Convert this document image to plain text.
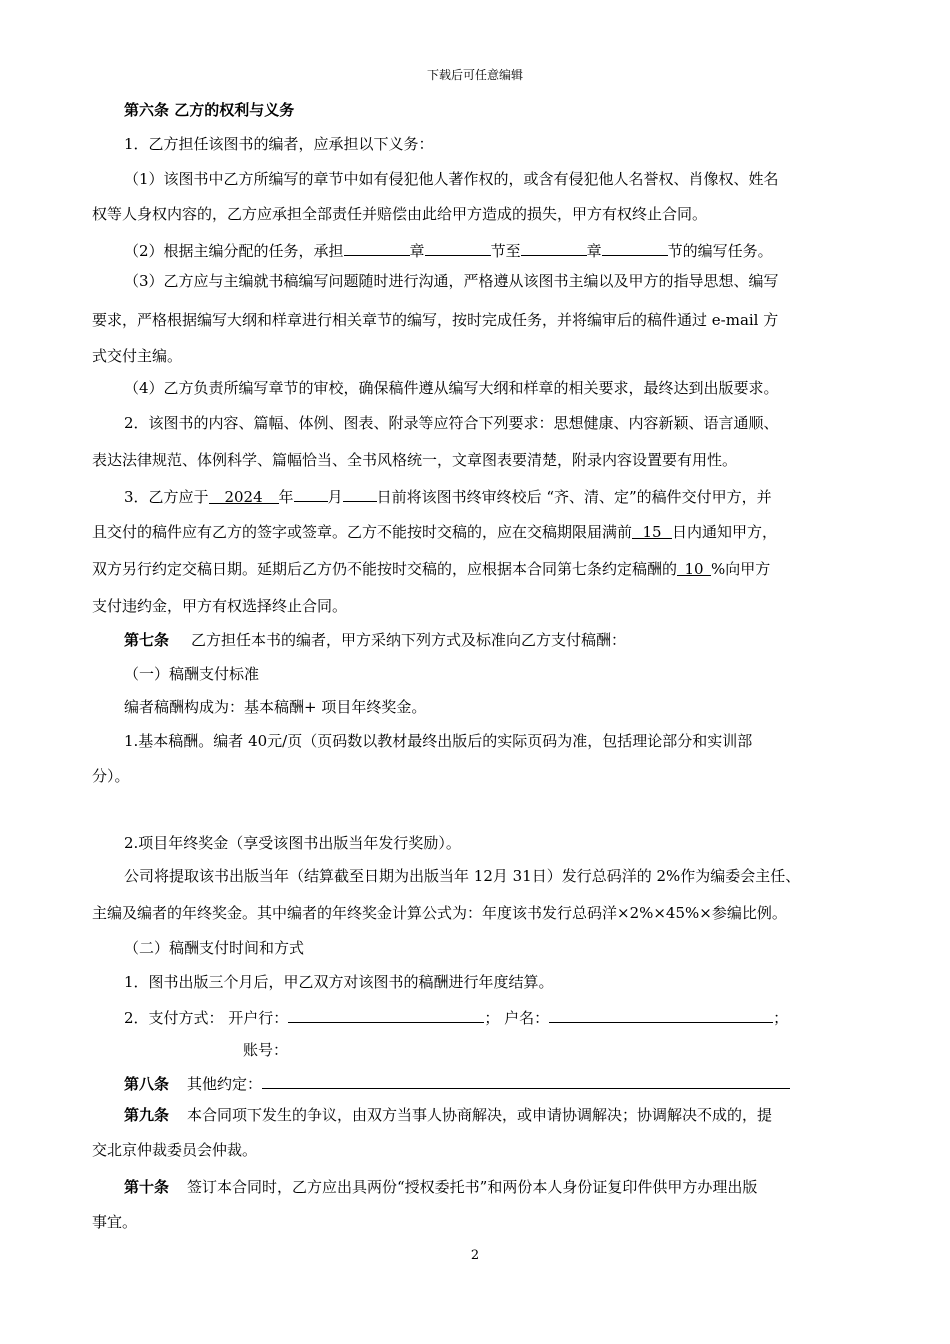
下载后可任意编辑
第六条 乙方的权利与义务
1．乙方担任该图书的编者，应承担以下义务：
（1）该图书中乙方所编写的章节中如有侵犯他人著作权的，或含有侵犯他人名誉权、肖像权、姓名
权等人身权内容的，乙方应承担全部责任并赔偿由此给甲方造成的损失，甲方有权终止合同。
（2）根据主编分配的任务，承担	章	节至	章	节的编写任务。
（3）乙方应与主编就书稿编写问题随时进行沟通，严格遵从该图书主编以及甲方的指导思想、编写
要求，严格根据编写大纲和样章进行相关章节的编写，按时完成任务，并将编审后的稿件通过 e-mail 方
式交付主编。
（4）乙方负责所编写章节的审校，确保稿件遵从编写大纲和样章的相关要求，最终达到出版要求。
2．该图书的内容、篇幅、体例、图表、附录等应符合下列要求：思想健康、内容新颖、语言通顺、
表达法律规范、体例科学、篇幅恰当、全书风格统一，文章图表要清楚，附录内容设置要有用性。
3．乙方应于 2024 年 月 日前将该图书终审终校后 “齐、清、定”的稿件交付甲方，并
且交付的稿件应有乙方的签字或签章。乙方不能按时交稿的，应在交稿期限届满前 15 日内通知甲方，
双方另行约定交稿日期。延期后乙方仍不能按时交稿的，应根据本合同第七条约定稿酬的 10 %向甲方
支付违约金，甲方有权选择终止合同。
第七条 乙方担任本书的编者，甲方采纳下列方式及标准向乙方支付稿酬：
（一）稿酬支付标准
编者稿酬构成为：基本稿酬+ 项目年终奖金。
1.基本稿酬。编者 40元/页（页码数以教材最终出版后的实际页码为准，包括理论部分和实训部
分）。
2.项目年终奖金（享受该图书出版当年发行奖励）。
公司将提取该书出版当年（结算截至日期为出版当年 12月 31日）发行总码洋的 2%作为编委会主任、
主编及编者的年终奖金。其中编者的年终奖金计算公式为：年度该书发行总码洋×2%×45%×参编比例。
（二）稿酬支付时间和方式
1．图书出版三个月后，甲乙双方对该图书的稿酬进行年度结算。
2．支付方式： 开户行：	； 户名：	；
账号：
第八条 其他约定：
第九条 本合同项下发生的争议，由双方当事人协商解决，或申请协调解决；协调解决不成的，提
交北京仲裁委员会仲裁。
第十条 签订本合同时，乙方应出具两份“授权委托书”和两份本人身份证复印件供甲方办理出版
事宜。
2
